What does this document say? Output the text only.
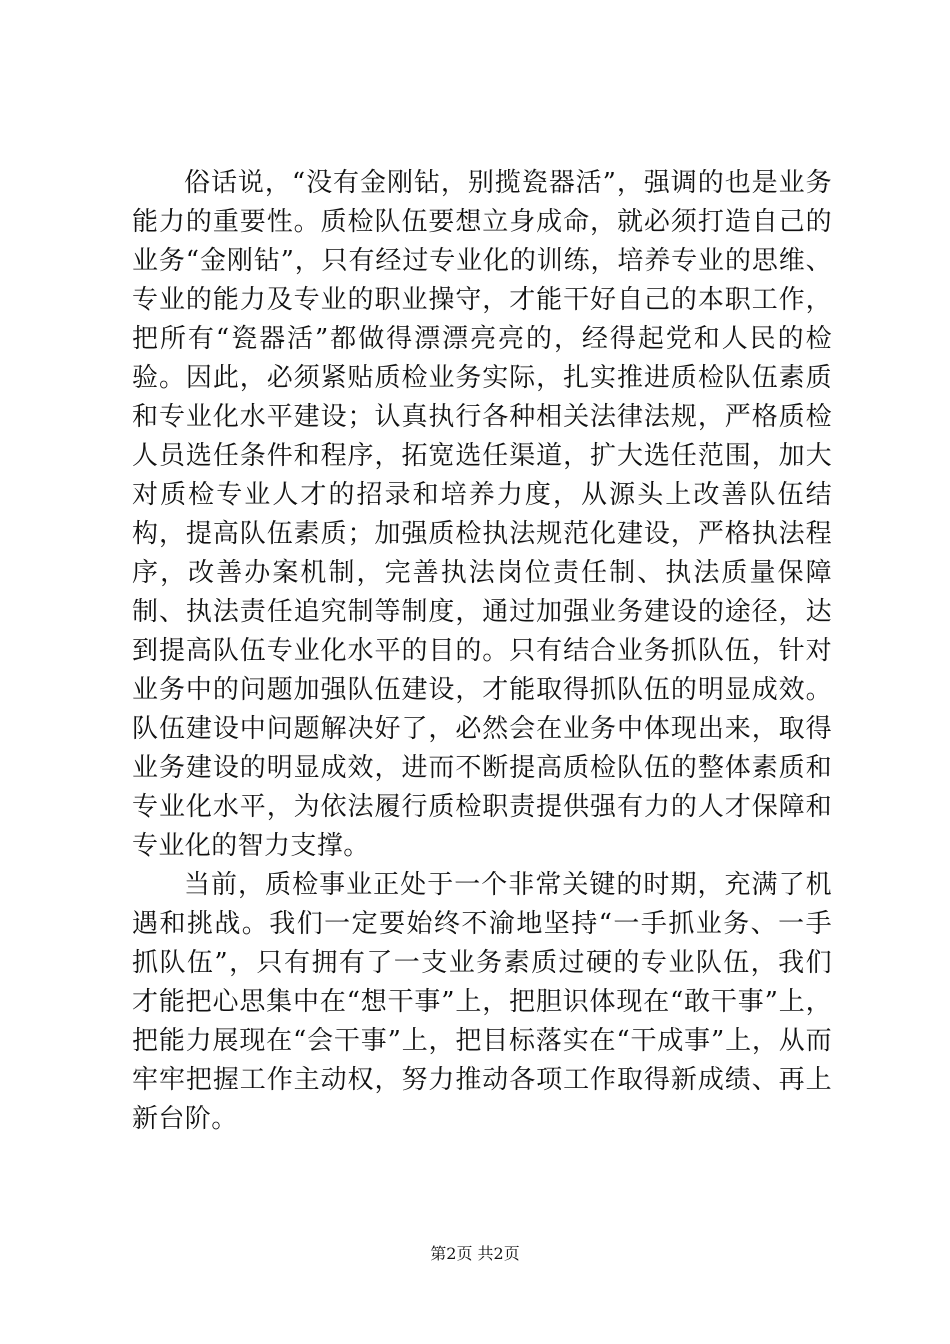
俗话说，“没有金刚钻，别揽瓷器活”，强调的也是业务能力的重要性。质检队伍要想立身成命，就必须打造自己的业务“金刚钻”，只有经过专业化的训练，培养专业的思维、专业的能力及专业的职业操守，才能干好自己的本职工作，把所有“瓷器活”都做得漂漂亮亮的，经得起党和人民的检验。因此，必须紧贴质检业务实际，扎实推进质检队伍素质和专业化水平建设；认真执行各种相关法律法规，严格质检人员选任条件和程序，拓宽选任渠道，扩大选任范围，加大对质检专业人才的招录和培养力度，从源头上改善队伍结构，提高队伍素质；加强质检执法规范化建设，严格执法程序，改善办案机制，完善执法岗位责任制、执法质量保障制、执法责任追究制等制度，通过加强业务建设的途径，达到提高队伍专业化水平的目的。只有结合业务抓队伍，针对业务中的问题加强队伍建设，才能取得抓队伍的明显成效。队伍建设中问题解决好了，必然会在业务中体现出来，取得业务建设的明显成效，进而不断提高质检队伍的整体素质和专业化水平，为依法履行质检职责提供强有力的人才保障和专业化的智力支撑。

当前，质检事业正处于一个非常关键的时期，充满了机遇和挑战。我们一定要始终不渝地坚持“一手抓业务、一手抓队伍”，只有拥有了一支业务素质过硬的专业队伍，我们才能把心思集中在“想干事”上，把胆识体现在“敢干事”上，把能力展现在“会干事”上，把目标落实在“干成事”上，从而牢牢把握工作主动权，努力推动各项工作取得新成绩、再上新台阶。

第2页 共2页
